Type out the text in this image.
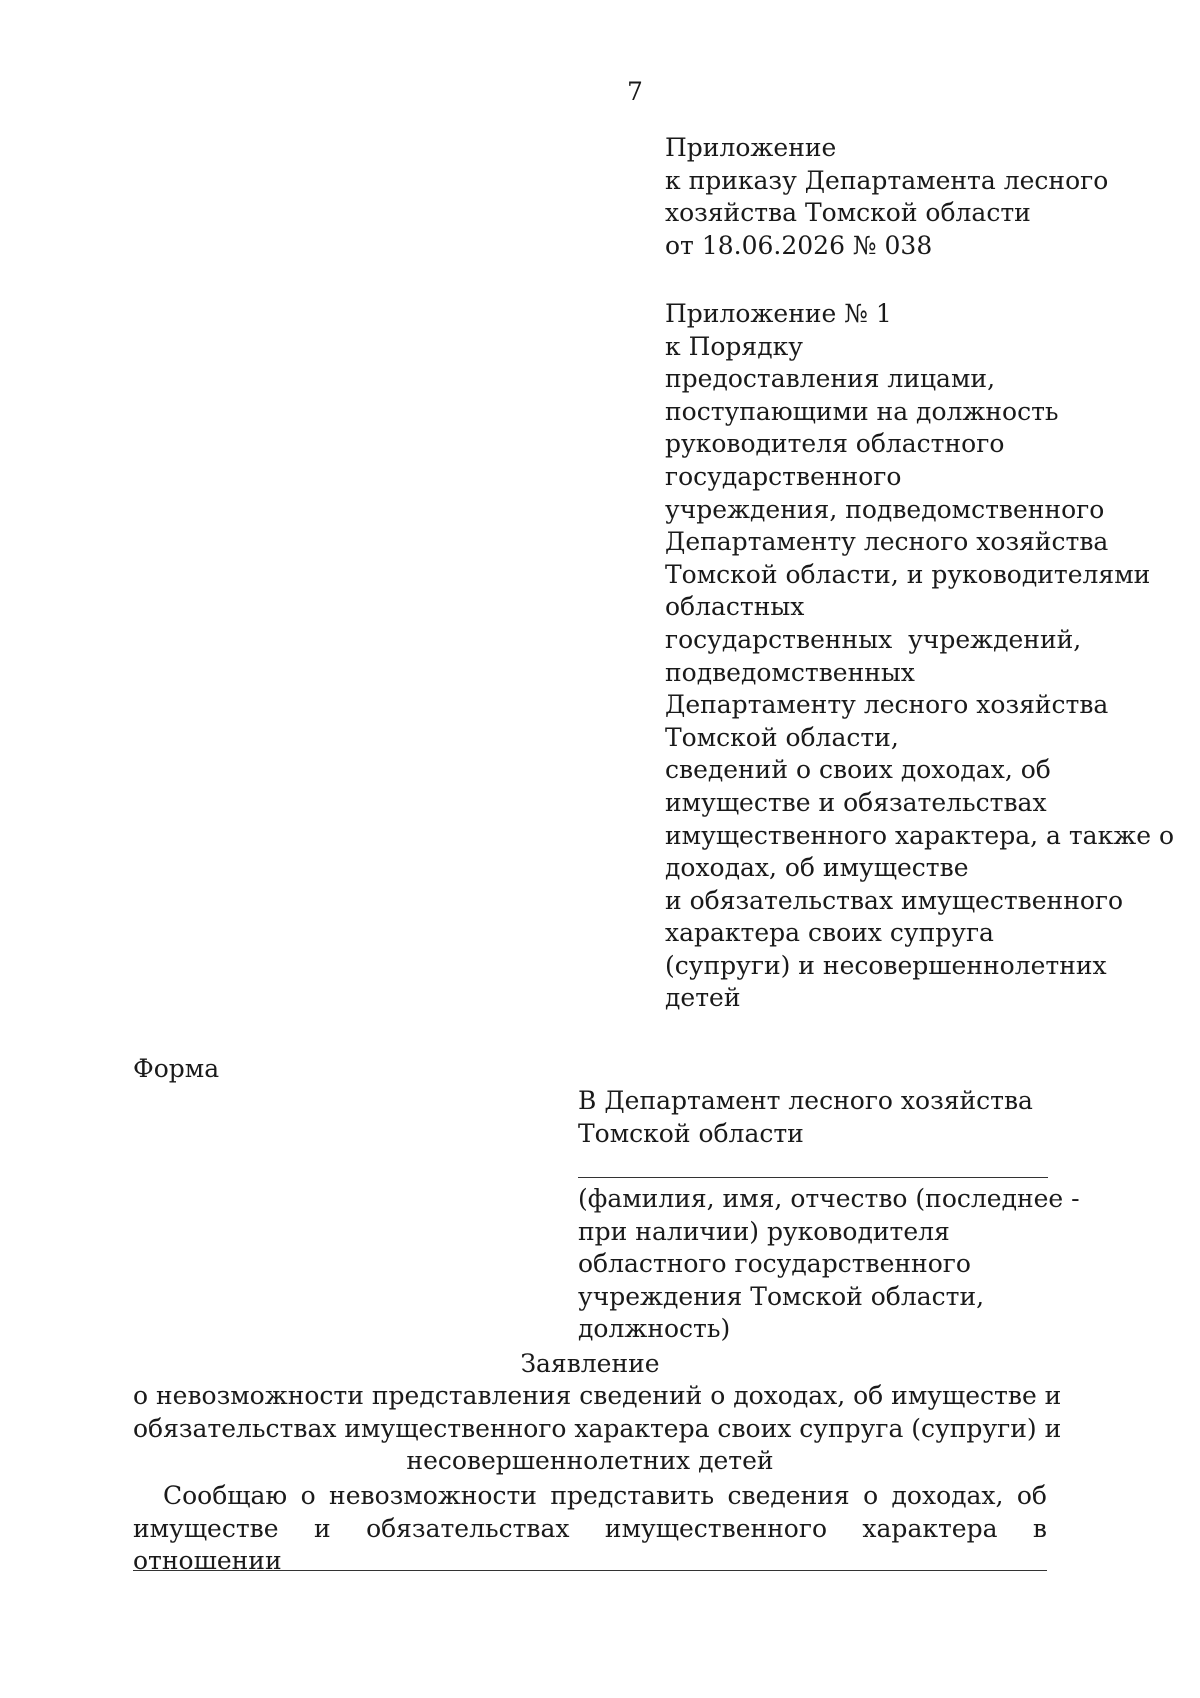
7
Приложение
к приказу Департамента лесного
хозяйства Томской области
от 18.06.2026 № 038
Приложение № 1
к Порядку
предоставления лицами,
поступающими на должность
руководителя областного
государственного
учреждения, подведомственного
Департаменту лесного хозяйства
Томской области, и руководителями
областных
государственных  учреждений,
подведомственных
Департаменту лесного хозяйства
Томской области,
сведений о своих доходах, об
имуществе и обязательствах
имущественного характера, а также о
доходах, об имуществе
и обязательствах имущественного
характера своих супруга
(супруги) и несовершеннолетних
детей
Форма
В Департамент лесного хозяйства
Томской области
(фамилия, имя, отчество (последнее -
при наличии) руководителя
областного государственного
учреждения Томской области,
должность)
Заявление
о невозможности представления сведений о доходах, об имуществе и
обязательствах имущественного характера своих супруга (супруги) и
несовершеннолетних детей
Сообщаю о невозможности представить сведения о доходах, об
имуществе и обязательствах имущественного характера в отношении
